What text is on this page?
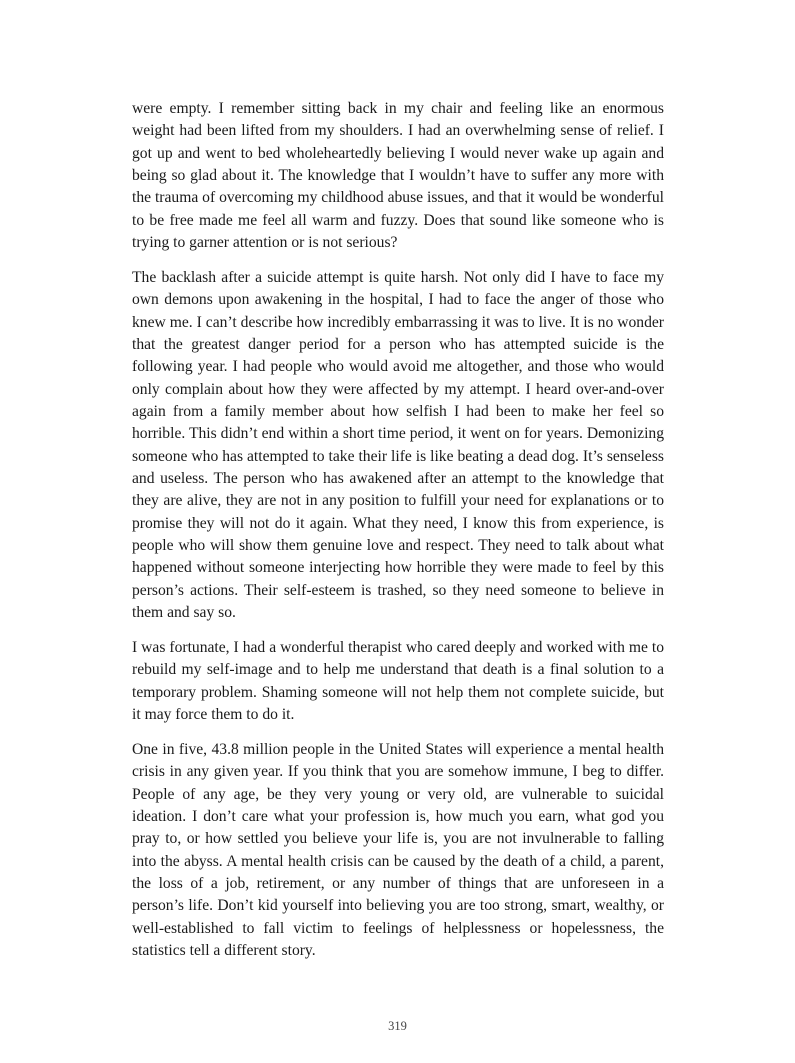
were empty. I remember sitting back in my chair and feeling like an enormous weight had been lifted from my shoulders. I had an overwhelming sense of relief. I got up and went to bed wholeheartedly believing I would never wake up again and being so glad about it. The knowledge that I wouldn’t have to suffer any more with the trauma of overcoming my childhood abuse issues, and that it would be wonderful to be free made me feel all warm and fuzzy. Does that sound like someone who is trying to garner attention or is not serious?

The backlash after a suicide attempt is quite harsh. Not only did I have to face my own demons upon awakening in the hospital, I had to face the anger of those who knew me. I can’t describe how incredibly embarrassing it was to live. It is no wonder that the greatest danger period for a person who has attempted suicide is the following year. I had people who would avoid me altogether, and those who would only complain about how they were affected by my attempt. I heard over-and-over again from a family member about how selfish I had been to make her feel so horrible. This didn’t end within a short time period, it went on for years. Demonizing someone who has attempted to take their life is like beating a dead dog. It’s senseless and useless. The person who has awakened after an attempt to the knowledge that they are alive, they are not in any position to fulfill your need for explanations or to promise they will not do it again. What they need, I know this from experience, is people who will show them genuine love and respect. They need to talk about what happened without someone interjecting how horrible they were made to feel by this person’s actions. Their self-esteem is trashed, so they need someone to believe in them and say so.

I was fortunate, I had a wonderful therapist who cared deeply and worked with me to rebuild my self-image and to help me understand that death is a final solution to a temporary problem. Shaming someone will not help them not complete suicide, but it may force them to do it.

One in five, 43.8 million people in the United States will experience a mental health crisis in any given year. If you think that you are somehow immune, I beg to differ. People of any age, be they very young or very old, are vulnerable to suicidal ideation. I don’t care what your profession is, how much you earn, what god you pray to, or how settled you believe your life is, you are not invulnerable to falling into the abyss. A mental health crisis can be caused by the death of a child, a parent, the loss of a job, retirement, or any number of things that are unforeseen in a person’s life. Don’t kid yourself into believing you are too strong, smart, wealthy, or well-established to fall victim to feelings of helplessness or hopelessness, the statistics tell a different story.

319
